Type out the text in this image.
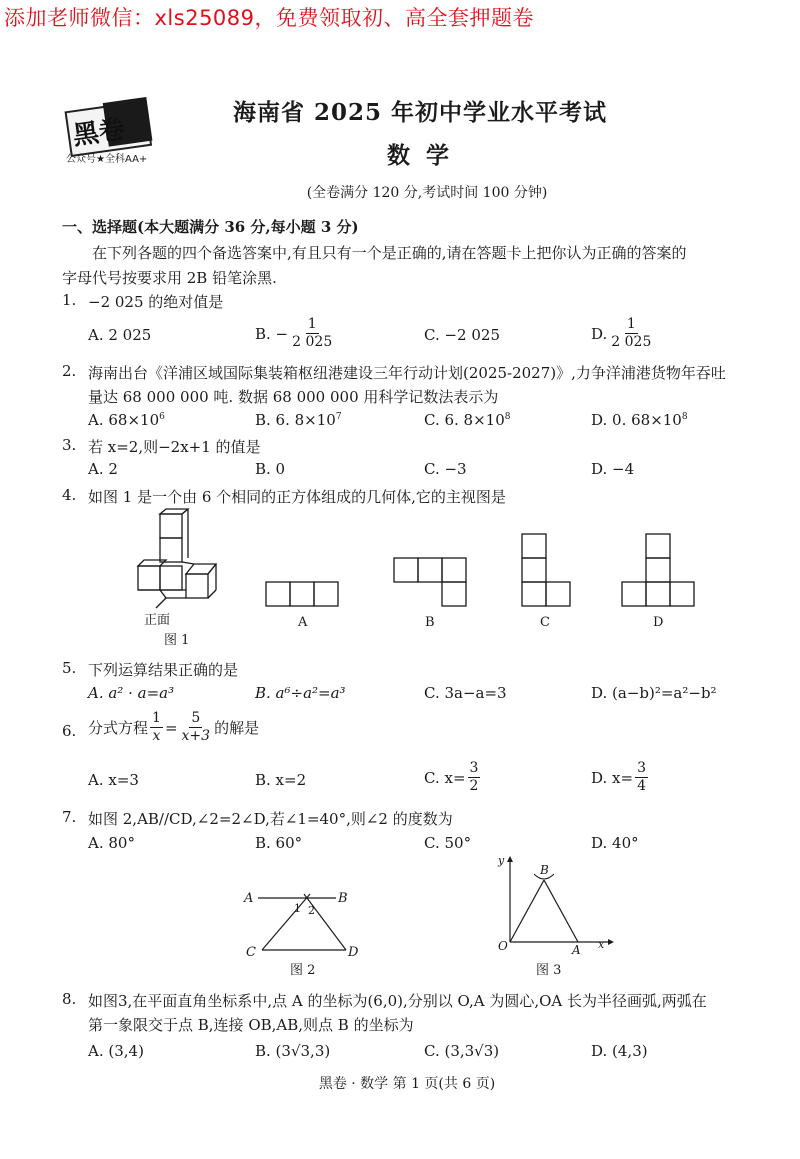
添加老师微信：xls25089，免费领取初、高全套押题卷
黑卷
公众号★全科AA+
海南省 2025 年初中学业水平考试
数学
(全卷满分 120 分,考试时间 100 分钟)
一、选择题(本大题满分 36 分,每小题 3 分)
在下列各题的四个备选答案中,有且只有一个是正确的,请在答题卡上把你认为正确的答案的
字母代号按要求用 2B 铅笔涂黑.
1. −2 025 的绝对值是
A. 2 025	B. − $\frac{1}{2 025}$	C. −2 025	D. $\frac{1}{2 025}$
2. 海南出台《洋浦区域国际集装箱枢纽港建设三年行动计划(2025-2027)》,力争洋浦港货物年吞吐
量达 68 000 000 吨. 数据 68 000 000 用科学记数法表示为
A. $68\times 10^6$	B. 6. $8\times 10^7$	C. 6. $8\times 10^8$	D. 0. $68\times 10^8$
3. 若 x=2,则−2x+1 的值是
A. 2	B. 0	C. −3	D. −4
4. 如图 1 是一个由 6 个相同的正方体组成的几何体,它的主视图是
正面
图 1
A	B	C	D
5. 下列运算结果正确的是
A. a² · a=a³	B. a⁶÷a²=a³	C. 3a−a=3	D. (a−b)²=a²−b²
6. 分式方程 $\frac{1}{x} = \frac{5}{x+3}$ 的解是
A. x=3	B. x=2	C. $x= \frac{3}{2}$	D. $x= \frac{3}{4}$
7. 如图 2,AB//CD,∠2=2∠D,若∠1=40°,则∠2 的度数为
A. 80°	B. 60°	C. 50°	D. 40°
A	B
C	D
1 2
图 2
y
x
O	A
B
图 3
8. 如图3,在平面直角坐标系中,点 A 的坐标为(6,0),分别以 O,A 为圆心,OA 长为半径画弧,两弧在
第一象限交于点 B,连接 OB,AB,则点 B 的坐标为
A. (3,4)	B. (3√3,3)	C. (3,3√3)	D. (4,3)
黑卷 · 数学 第 1 页(共 6 页)
